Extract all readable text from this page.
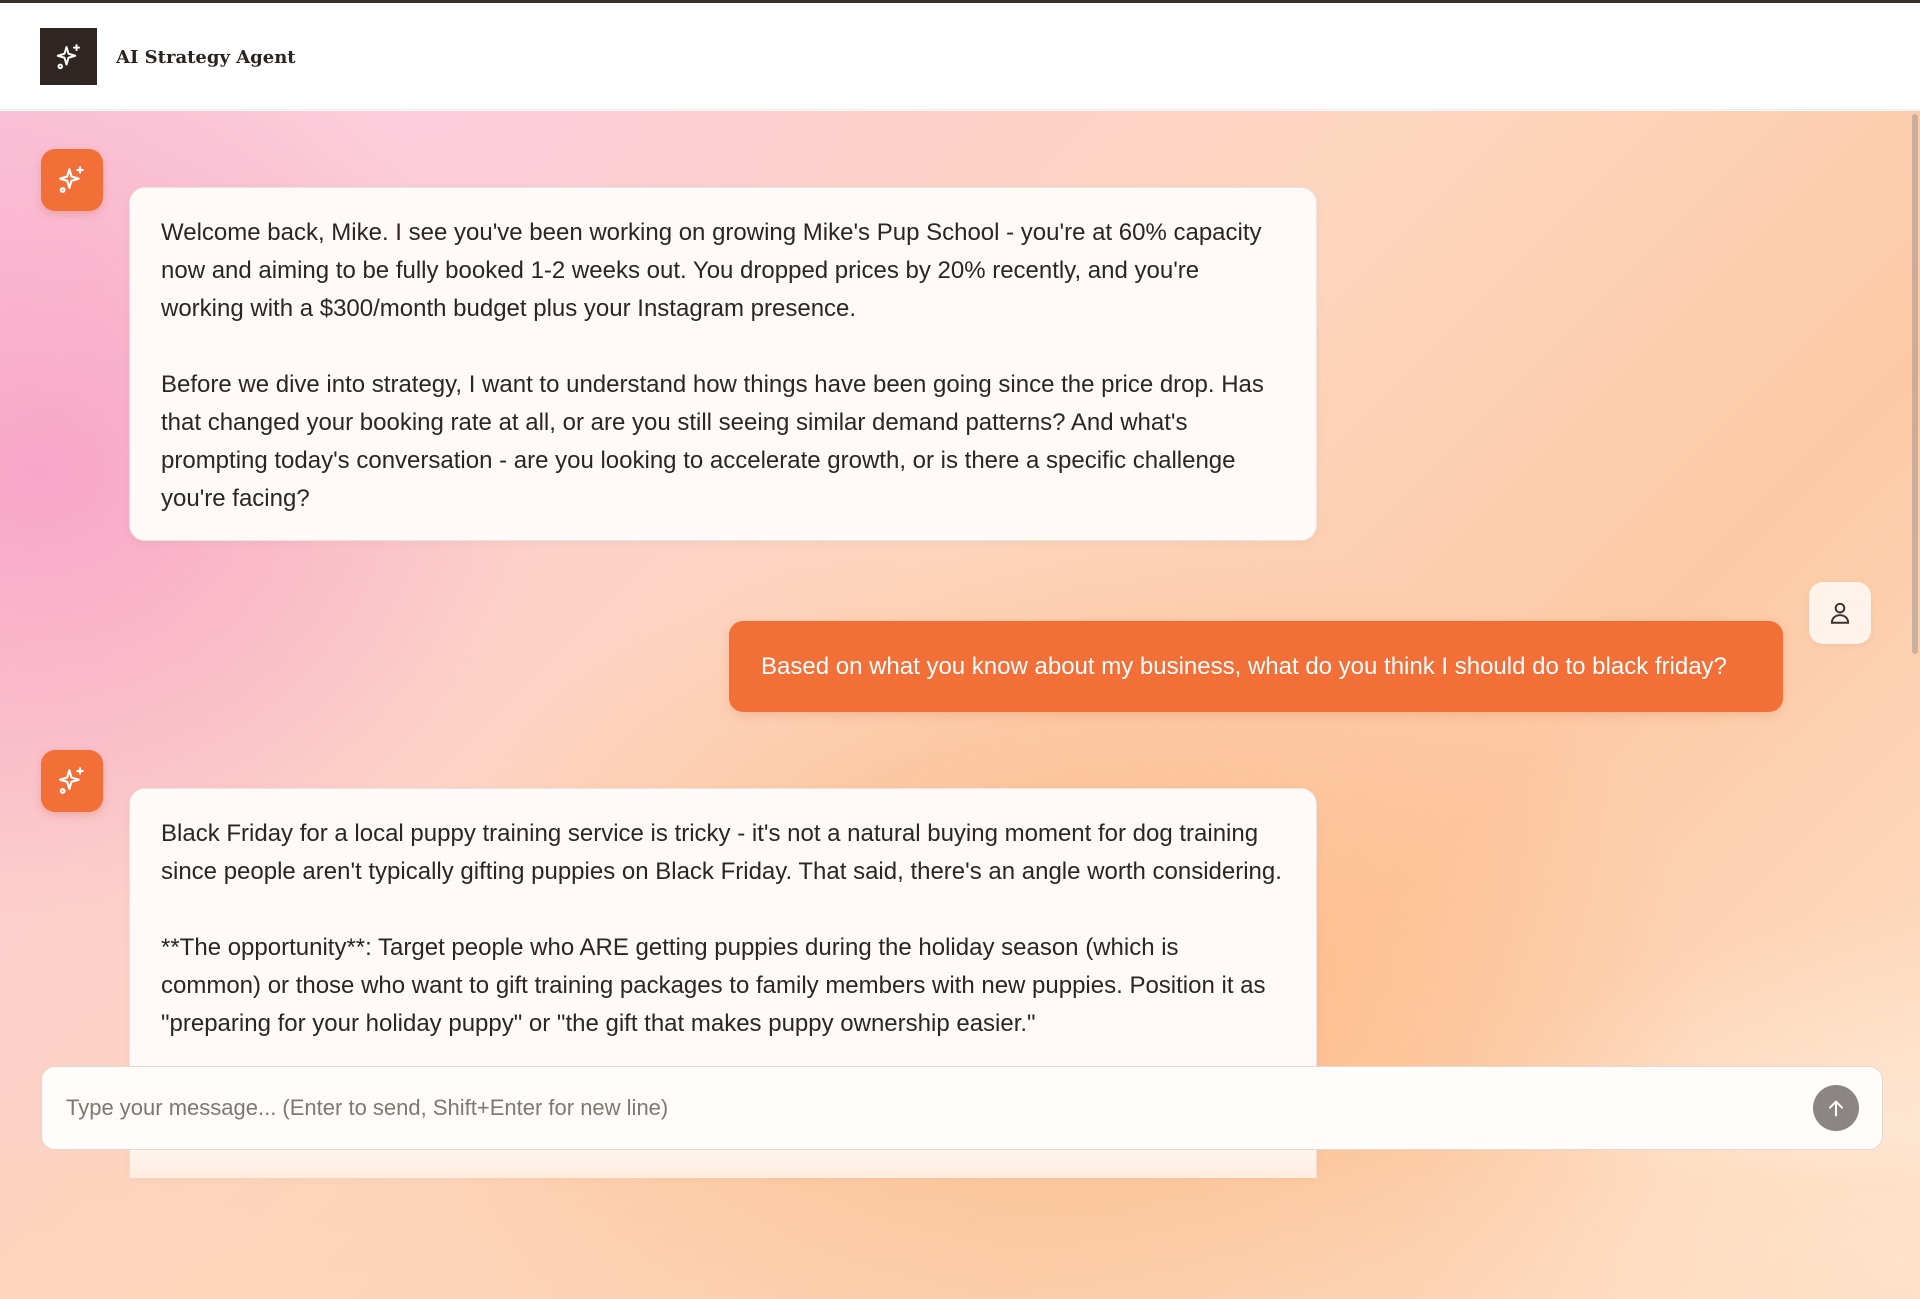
AI Strategy Agent
Welcome back, Mike. I see you've been working on growing Mike's Pup School - you're at 60% capacity now and aiming to be fully booked 1-2 weeks out. You dropped prices by 20% recently, and you're working with a $300/month budget plus your Instagram presence.

Before we dive into strategy, I want to understand how things have been going since the price drop. Has that changed your booking rate at all, or are you still seeing similar demand patterns? And what's prompting today's conversation - are you looking to accelerate growth, or is there a specific challenge you're facing?
Based on what you know about my business, what do you think I should do to black friday?
Black Friday for a local puppy training service is tricky - it's not a natural buying moment for dog training since people aren't typically gifting puppies on Black Friday. That said, there's an angle worth considering.

**The opportunity**: Target people who ARE getting puppies during the holiday season (which is common) or those who want to gift training packages to family members with new puppies. Position it as "preparing for your holiday puppy" or "the gift that makes puppy ownership easier."

Type your message... (Enter to send, Shift+Enter for new line)
